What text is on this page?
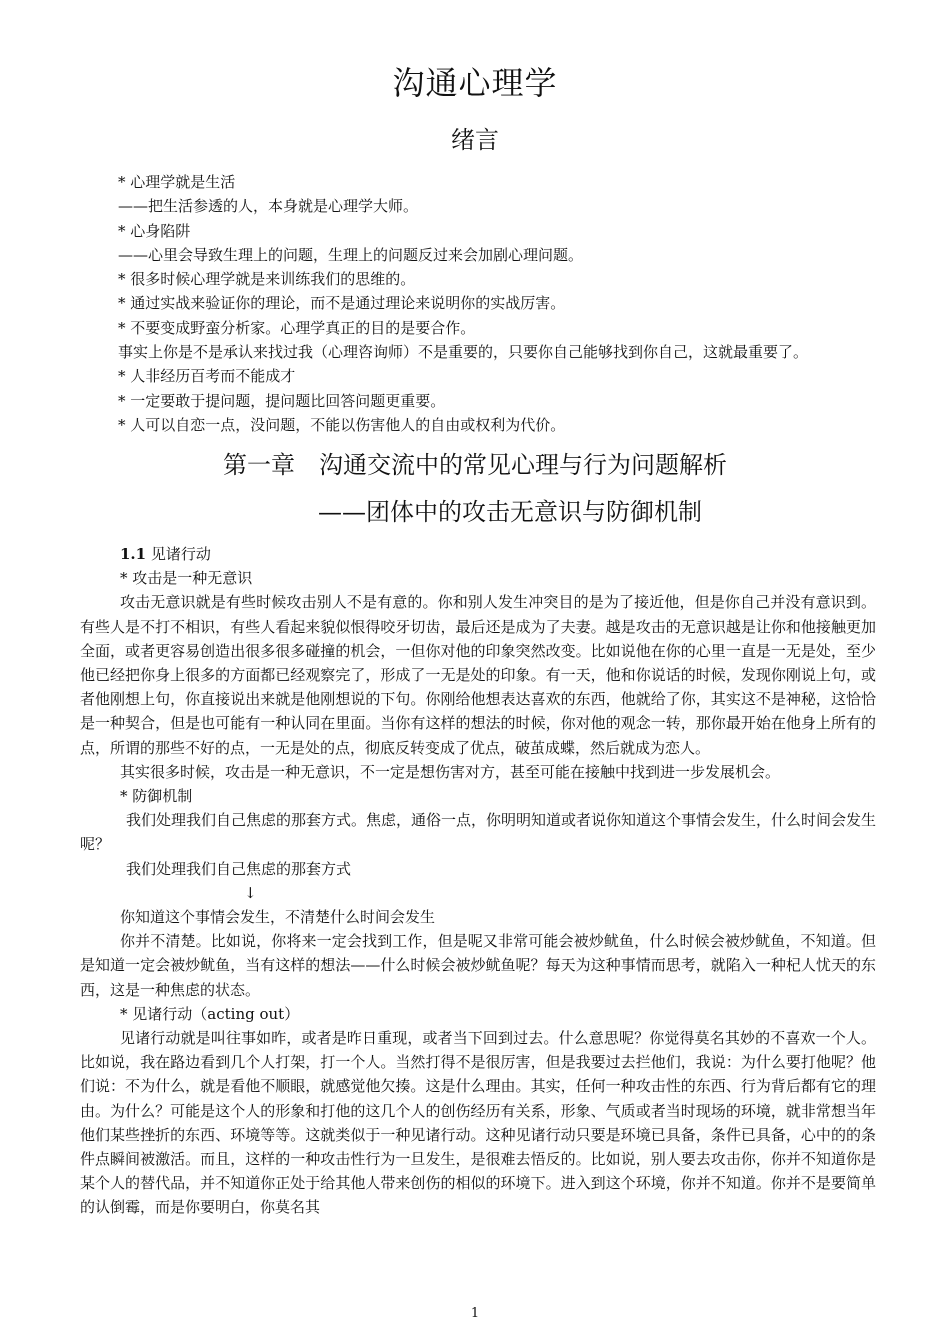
沟通心理学
绪言
* 心理学就是生活
——把生活参透的人，本身就是心理学大师。
* 心身陷阱
——心里会导致生理上的问题，生理上的问题反过来会加剧心理问题。
* 很多时候心理学就是来训练我们的思维的。
* 通过实战来验证你的理论，而不是通过理论来说明你的实战厉害。
* 不要变成野蛮分析家。心理学真正的目的是要合作。
事实上你是不是承认来找过我（心理咨询师）不是重要的，只要你自己能够找到你自己，这就最重要了。
* 人非经历百考而不能成才
* 一定要敢于提问题，提问题比回答问题更重要。
* 人可以自恋一点，没问题，不能以伤害他人的自由或权利为代价。
第一章　沟通交流中的常见心理与行为问题解析
——团体中的攻击无意识与防御机制

1.1 见诸行动

* 攻击是一种无意识

攻击无意识就是有些时候攻击别人不是有意的。你和别人发生冲突目的是为了接近他，但是你自己并没有意识到。有些人是不打不相识，有些人看起来貌似恨得咬牙切齿，最后还是成为了夫妻。越是攻击的无意识越是让你和他接触更加全面，或者更容易创造出很多很多碰撞的机会，一但你对他的印象突然改变。比如说他在你的心里一直是一无是处，至少他已经把你身上很多的方面都已经观察完了，形成了一无是处的印象。有一天，他和你说话的时候，发现你刚说上句，或者他刚想上句，你直接说出来就是他刚想说的下句。你刚给他想表达喜欢的东西，他就给了你，其实这不是神秘，这恰恰是一种契合，但是也可能有一种认同在里面。当你有这样的想法的时候，你对他的观念一转，那你最开始在他身上所有的点，所谓的那些不好的点，一无是处的点，彻底反转变成了优点，破茧成蝶，然后就成为恋人。

其实很多时候，攻击是一种无意识，不一定是想伤害对方，甚至可能在接触中找到进一步发展机会。

* 防御机制

我们处理我们自己焦虑的那套方式。焦虑，通俗一点，你明明知道或者说你知道这个事情会发生，什么时间会发生呢？

我们处理我们自己焦虑的那套方式

↓

你知道这个事情会发生，不清楚什么时间会发生

你并不清楚。比如说，你将来一定会找到工作，但是呢又非常可能会被炒鱿鱼，什么时候会被炒鱿鱼，不知道。但是知道一定会被炒鱿鱼，当有这样的想法——什么时候会被炒鱿鱼呢？每天为这种事情而思考，就陷入一种杞人忧天的东西，这是一种焦虑的状态。

* 见诸行动（acting out）

见诸行动就是叫往事如昨，或者是昨日重现，或者当下回到过去。什么意思呢？你觉得莫名其妙的不喜欢一个人。比如说，我在路边看到几个人打架，打一个人。当然打得不是很厉害，但是我要过去拦他们，我说：为什么要打他呢？他们说：不为什么，就是看他不顺眼，就感觉他欠揍。这是什么理由。其实，任何一种攻击性的东西、行为背后都有它的理由。为什么？可能是这个人的形象和打他的这几个人的创伤经历有关系，形象、气质或者当时现场的环境，就非常想当年他们某些挫折的东西、环境等等。这就类似于一种见诸行动。这种见诸行动只要是环境已具备，条件已具备，心中的的条件点瞬间被激活。而且，这样的一种攻击性行为一旦发生，是很难去悟反的。比如说，别人要去攻击你，你并不知道你是某个人的替代品，并不知道你正处于给其他人带来创伤的相似的环境下。进入到这个环境，你并不知道。你并不是要简单的认倒霉，而是你要明白，你莫名其

1
